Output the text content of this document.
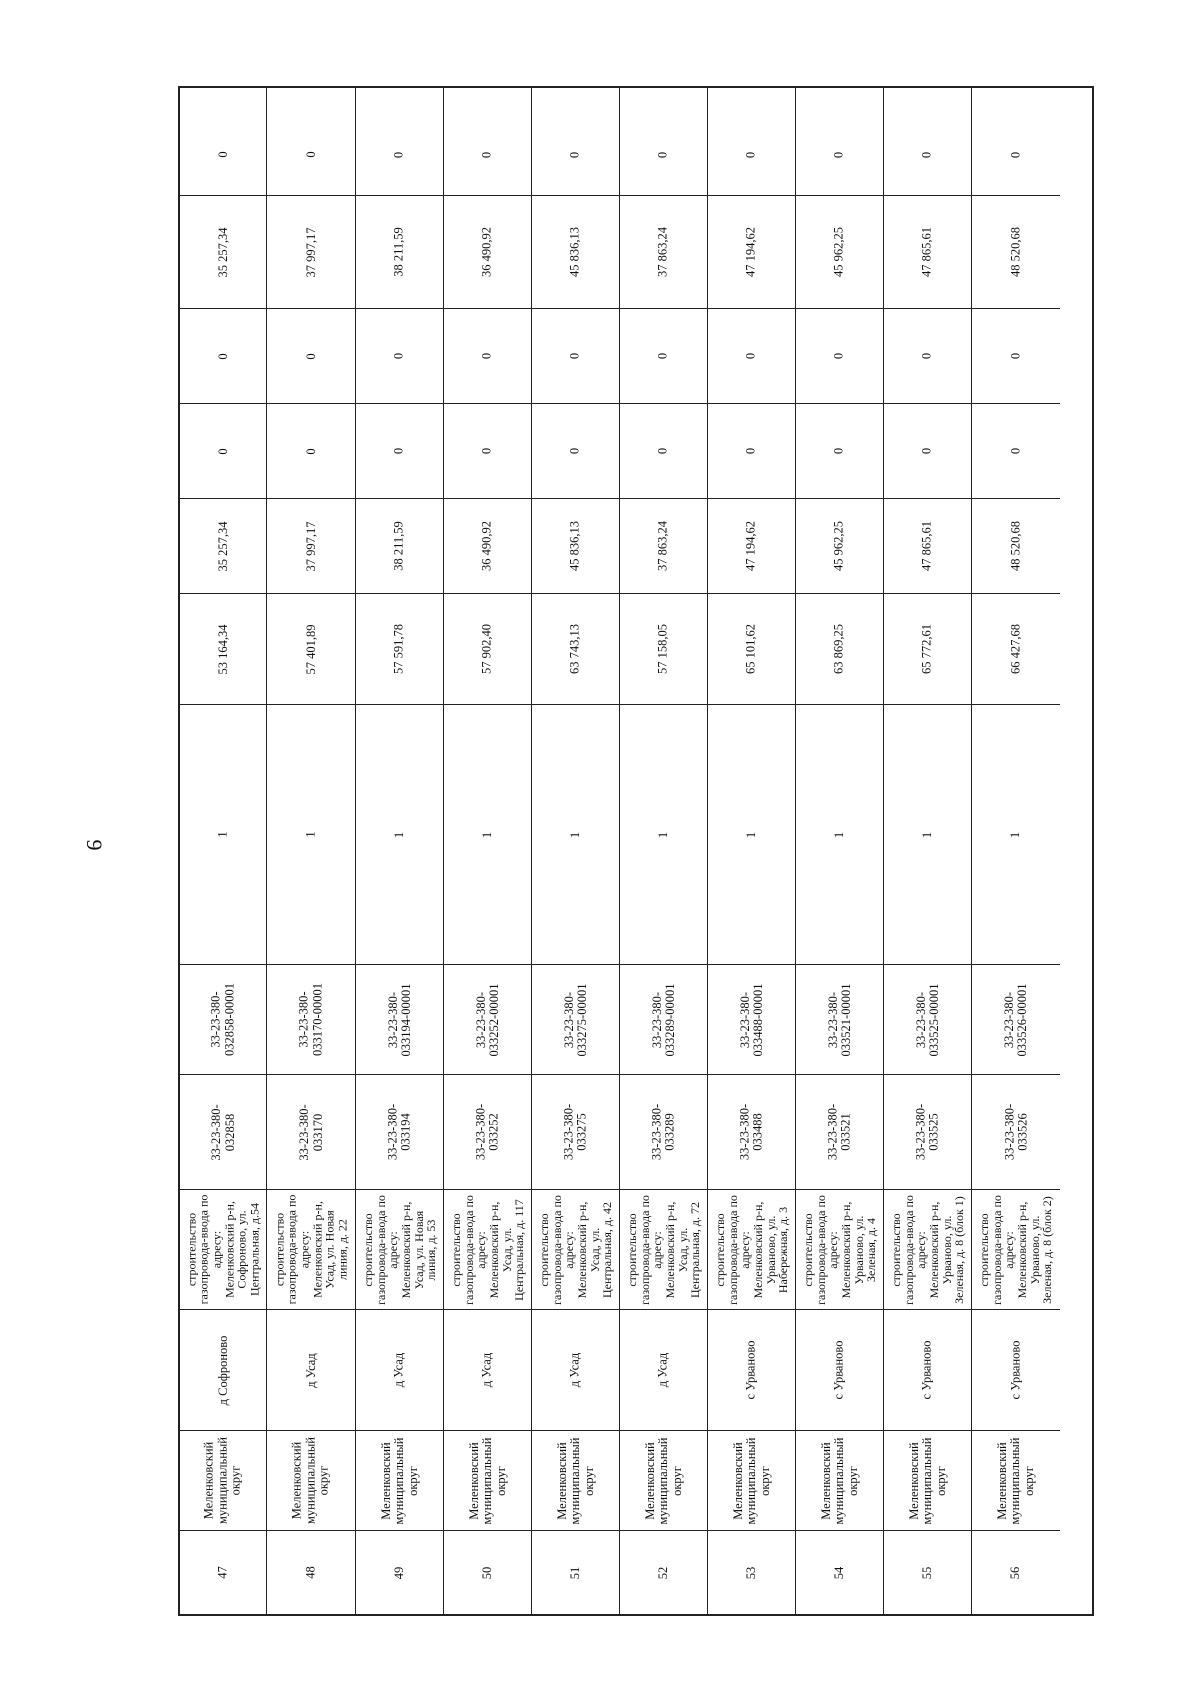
9
47
Меленковский
муниципальный
округ
д Софроново
строительство
газопровода-ввода по
адресу:
Меленковский р-н,
Софроново, ул.
Центральная, д.54
33-23-380-
032858
33-23-380-
032858-00001
1
53 164,34
35 257,34
0
0
35 257,34
0
48
Меленковский
муниципальный
округ
д Усад
строительство
газопровода-ввода по
адресу:
Меленковский р-н,
Усад, ул. Новая
линия, д. 22
33-23-380-
033170
33-23-380-
033170-00001
1
57 401,89
37 997,17
0
0
37 997,17
0
49
Меленковский
муниципальный
округ
д Усад
строительство
газопровода-ввода по
адресу:
Меленковский р-н,
Усад, ул. Новая
линия, д. 53
33-23-380-
033194
33-23-380-
033194-00001
1
57 591,78
38 211,59
0
0
38 211,59
0
50
Меленковский
муниципальный
округ
д Усад
строительство
газопровода-ввода по
адресу:
Меленковский р-н,
Усад, ул.
Центральная, д. 117
33-23-380-
033252
33-23-380-
033252-00001
1
57 902,40
36 490,92
0
0
36 490,92
0
51
Меленковский
муниципальный
округ
д Усад
строительство
газопровода-ввода по
адресу:
Меленковский р-н,
Усад, ул.
Центральная, д. 42
33-23-380-
033275
33-23-380-
033275-00001
1
63 743,13
45 836,13
0
0
45 836,13
0
52
Меленковский
муниципальный
округ
д Усад
строительство
газопровода-ввода по
адресу:
Меленковский р-н,
Усад, ул.
Центральная, д. 72
33-23-380-
033289
33-23-380-
033289-00001
1
57 158,05
37 863,24
0
0
37 863,24
0
53
Меленковский
муниципальный
округ
с Урваново
строительство
газопровода-ввода по
адресу:
Меленковский р-н,
Урваново, ул.
Набережная, д. 3
33-23-380-
033488
33-23-380-
033488-00001
1
65 101,62
47 194,62
0
0
47 194,62
0
54
Меленковский
муниципальный
округ
с Урваново
строительство
газопровода-ввода по
адресу:
Меленковский р-н,
Урваново, ул.
Зеленая, д. 4
33-23-380-
033521
33-23-380-
033521-00001
1
63 869,25
45 962,25
0
0
45 962,25
0
55
Меленковский
муниципальный
округ
с Урваново
строительство
газопровода-ввода по
адресу:
Меленковский р-н,
Урваново, ул.
Зеленая, д. 8 (блок 1)
33-23-380-
033525
33-23-380-
033525-00001
1
65 772,61
47 865,61
0
0
47 865,61
0
56
Меленковский
муниципальный
округ
с Урваново
строительство
газопровода-ввода по
адресу:
Меленковский р-н,
Урваново, ул.
Зеленая, д. 8 (блок 2)
33-23-380-
033526
33-23-380-
033526-00001
1
66 427,68
48 520,68
0
0
48 520,68
0
